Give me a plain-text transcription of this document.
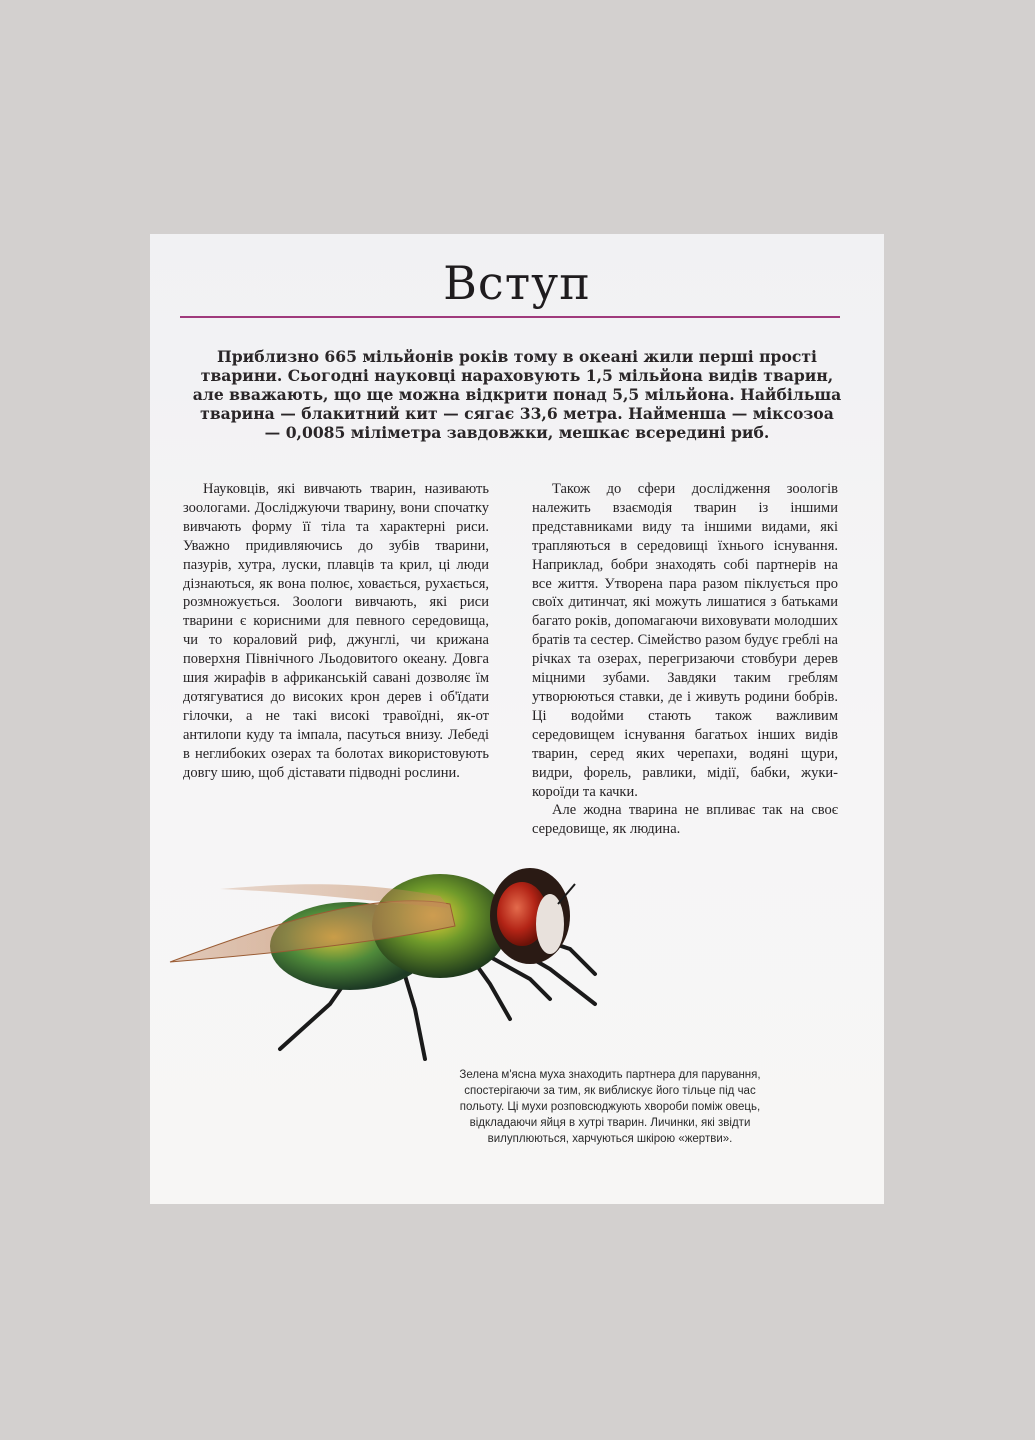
Вступ

Приблизно 665 мільйонів років тому в океані жили перші прості тварини. Сьогодні науковці нараховують 1,5 мільйона видів тварин, але вважають, що ще можна відкрити понад 5,5 мільйона. Найбільша тварина — блакитний кит — сягає 33,6 метра. Найменша — міксозоа — 0,0085 міліметра завдовжки, мешкає всередині риб.

Науковців, які вивчають тварин, називають зоологами. Досліджуючи тварину, вони спочатку вивчають форму її тіла та характерні риси. Уважно придивляючись до зубів тварини, пазурів, хутра, луски, плавців та крил, ці люди дізнаються, як вона полює, ховається, рухається, розмножується. Зоологи вивчають, які риси тварини є корисними для певного середовища, чи то кораловий риф, джунглі, чи крижана поверхня Північного Льодовитого океану. Довга шия жирафів в африканській савані дозволяє їм дотягуватися до високих крон дерев і об'їдати гілочки, а не такі високі травоїдні, як-от антилопи куду та імпала, пасуться внизу. Лебеді в неглибоких озерах та болотах використовують довгу шию, щоб діставати підводні рослини.

Також до сфери дослідження зоологів належить взаємодія тварин із іншими представниками виду та іншими видами, які трапляються в середовищі їхнього існування. Наприклад, бобри знаходять собі партнерів на все життя. Утворена пара разом піклується про своїх дитинчат, які можуть лишатися з батьками багато років, допомагаючи виховувати молодших братів та сестер. Сімейство разом будує греблі на річках та озерах, перегризаючи стовбури дерев міцними зубами. Завдяки таким греблям утворюються ставки, де і живуть родини бобрів. Ці водойми стають також важливим середовищем існування багатьох інших видів тварин, серед яких черепахи, водяні щури, видри, форель, равлики, мідії, бабки, жуки-короїди та качки.

Але жодна тварина не впливає так на своє середовище, як людина.

Зелена м'ясна муха знаходить партнера для парування, спостерігаючи за тим, як виблискує його тільце під час польоту. Ці мухи розповсюджують хвороби поміж овець, відкладаючи яйця в хутрі тварин. Личинки, які звідти вилуплюються, харчуються шкірою «жертви».
